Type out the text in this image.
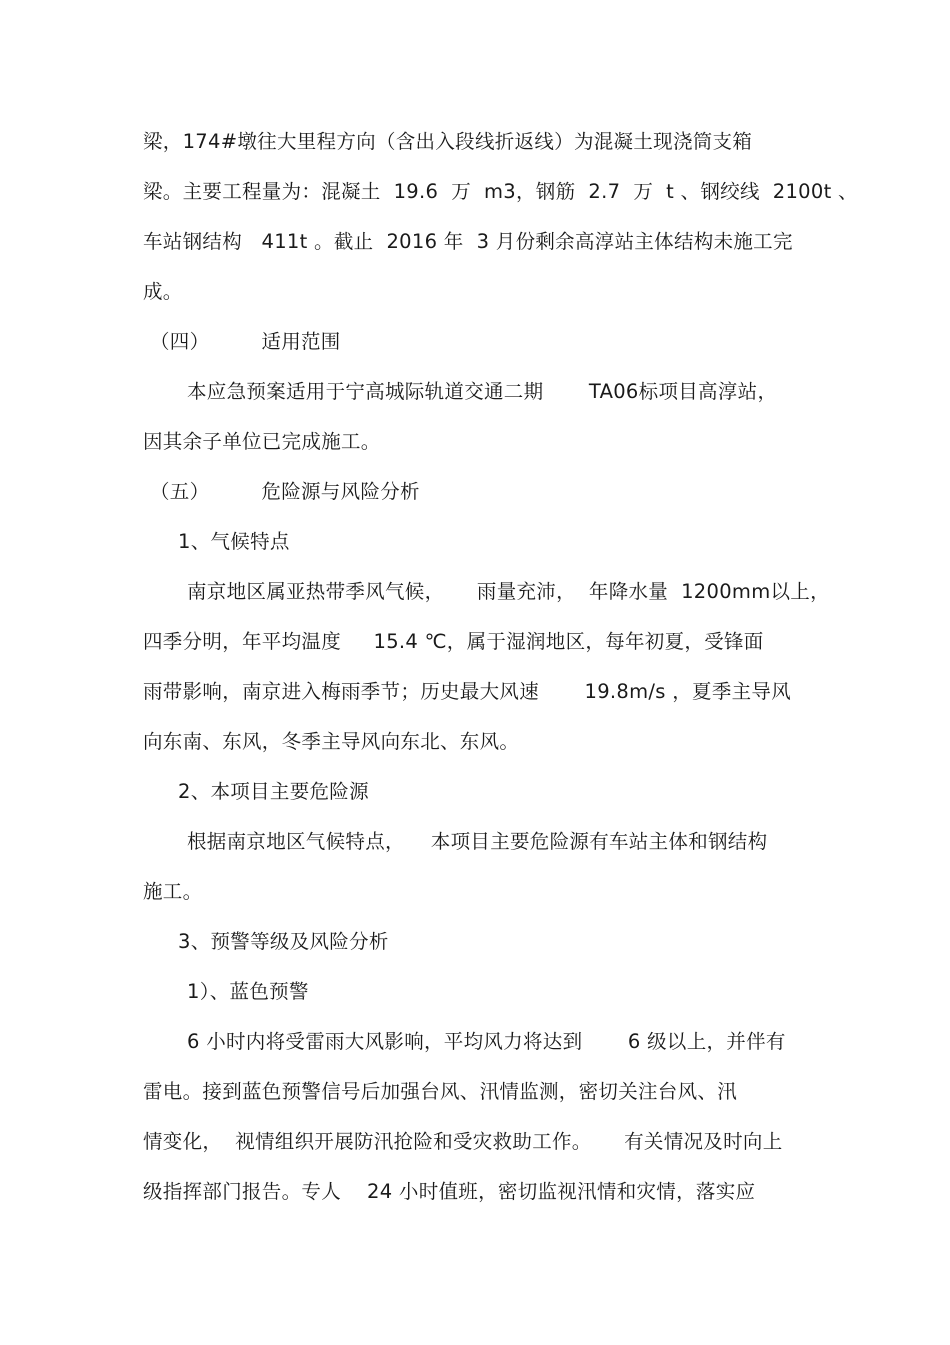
梁，174#墩往大里程方向（含出入段线折返线）为混凝土现浇筒支箱
梁。主要工程量为：混凝土  19.6  万  m3，钢筋  2.7  万  t 、钢绞线  2100t 、
车站钢结构   411t 。截止  2016 年  3 月份剩余高淳站主体结构未施工完
成。
（四）        适用范围
本应急预案适用于宁高城际轨道交通二期       TA06标项目高淳站，
因其余子单位已完成施工。
（五）        危险源与风险分析
1、气候特点
南京地区属亚热带季风气候，     雨量充沛，  年降水量  1200mm以上，
四季分明，年平均温度     15.4 ℃，属于湿润地区，每年初夏，受锋面
雨带影响，南京进入梅雨季节；历史最大风速       19.8m/s ，夏季主导风
向东南、东风，冬季主导风向东北、东风。
2、本项目主要危险源
根据南京地区气候特点，    本项目主要危险源有车站主体和钢结构
施工。
3、预警等级及风险分析
1）、蓝色预警
6 小时内将受雷雨大风影响，平均风力将达到       6 级以上，并伴有
雷电。接到蓝色预警信号后加强台风、汛情监测，密切关注台风、汛
情变化，  视情组织开展防汛抢险和受灾救助工作。     有关情况及时向上
级指挥部门报告。专人    24 小时值班，密切监视汛情和灾情，落实应
